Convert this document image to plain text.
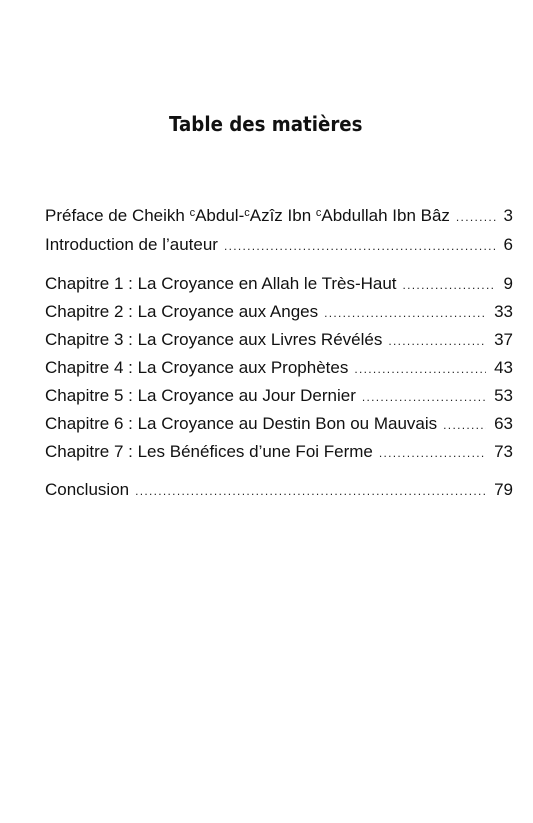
Table des matières
Préface de Cheikh $^c$Abdul-$^c$Azîz Ibn $^c$Abdullah Ibn Bâz .....	3
Introduction de l’auteur .....	6
Chapitre 1 : La Croyance en Allah le Très-Haut .....	9
Chapitre 2 : La Croyance aux Anges .....	33
Chapitre 3 : La Croyance aux Livres Révélés .....	37
Chapitre 4 : La Croyance aux Prophètes .....	43
Chapitre 5 : La Croyance au Jour Dernier .....	53
Chapitre 6 : La Croyance au Destin Bon ou Mauvais .....	63
Chapitre 7 : Les Bénéfices d’une Foi Ferme .....	73
Conclusion .....	79
